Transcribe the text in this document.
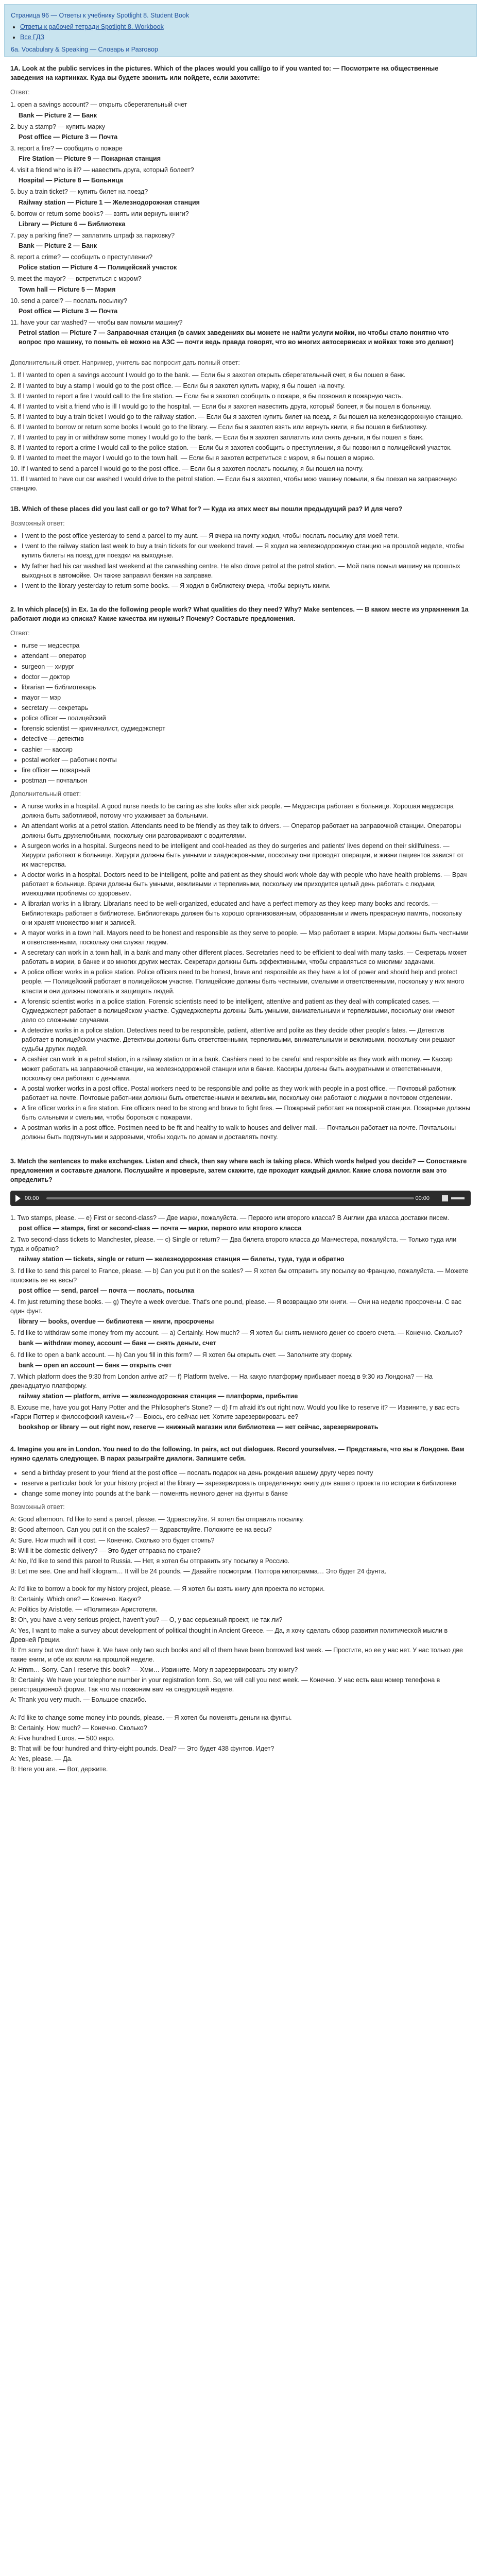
Страница 96 — Ответы к учебнику Spotlight 8. Student Book
• Ответы к рабочей тетради Spotlight 8. Workbook
• Все ГДЗ
6a. Vocabulary & Speaking — Словарь и Разговор
1A. Look at the public services in the pictures. Which of the places would you call/go to if you wanted to: — Посмотрите на общественные заведения на картинках. Куда вы будете звонить или пойдете, если захотите:
Ответ:
1. open a savings account? — открыть сберегательный счет
Bank — Picture 2 — Банк
2. buy a stamp? — купить марку
Post office — Picture 3 — Почта
3. report a fire? — сообщить о пожаре
Fire Station — Picture 9 — Пожарная станция
4. visit a friend who is ill? — навестить друга, который болеет?
Hospital — Picture 8 — Больница
5. buy a train ticket? — купить билет на поезд?
Railway station — Picture 1 — Железнодорожная станция
6. borrow or return some books? — взять или вернуть книги?
Library — Picture 6 — Библиотека
7. pay a parking fine? — заплатить штраф за парковку?
Bank — Picture 2 — Банк
8. report a crime? — сообщить о преступлении?
Police station — Picture 4 — Полицейский участок
9. meet the mayor? — встретиться с мэром?
Town hall — Picture 5 — Мэрия
10. send a parcel? — послать посылку?
Post office — Picture 3 — Почта
11. have your car washed? — чтобы вам помыли машину?
Petrol station — Picture 7 — Заправочная станция (в самих заведениях вы можете не найти услуги мойки, но чтобы стало понятно что вопрос про машину, то помыть её можно на АЗС — почти ведь правда говорят, что во многих автосервисах и мойках тоже это делают)
Дополнительный ответ. Например, учитель вас попросит дать полный ответ:
1. If I wanted to open a savings account I would go to the bank. — Если бы я захотел открыть сберегательный счет, я бы пошел в банк.
2. If I wanted to buy a stamp I would go to the post office. — Если бы я захотел купить марку, я бы пошел на почту.
3. If I wanted to report a fire I would call to the fire station. — Если бы я захотел сообщить о пожаре, я бы позвонил в пожарную часть.
4. If I wanted to visit a friend who is ill I would go to the hospital. — Если бы я захотел навестить друга, который болеет, я бы пошел в больницу.
5. If I wanted to buy a train ticket I would go to the railway station. — Если бы я захотел купить билет на поезд, я бы пошел на железнодорожную станцию.
6. If I wanted to borrow or return some books I would go to the library. — Если бы я захотел взять или вернуть книги, я бы пошел в библиотеку.
7. If I wanted to pay in or withdraw some money I would go to the bank. — Если бы я захотел заплатить или снять деньги, я бы пошел в банк.
8. If I wanted to report a crime I would call to the police station. — Если бы я захотел сообщить о преступлении, я бы позвонил в полицейский участок.
9. If I wanted to meet the mayor I would go to the town hall. — Если бы я захотел встретиться с мэром, я бы пошел в мэрию.
10. If I wanted to send a parcel I would go to the post office. — Если бы я захотел послать посылку, я бы пошел на почту.
11. If I wanted to have our car washed I would drive to the petrol station. — Если бы я захотел, чтобы мою машину помыли, я бы поехал на заправочную станцию.
1B. Which of these places did you last call or go to? What for? — Куда из этих мест вы пошли предыдущий раз? И для чего?
Возможный ответ:
• I went to the post office yesterday to send a parcel to my aunt. — Я вчера на почту ходил, чтобы послать посылку для моей тети.
• I went to the railway station last week to buy a train tickets for our weekend travel. — Я ходил на железнодорожную станцию на прошлой неделе, чтобы купить билеты на поезд для поездки на выходные.
• My father had his car washed last weekend at the carwashing centre. He also drove petrol at the petrol station. — Мой папа помыл машину на прошлых выходных в автомойке. Он также заправил бензин на заправке.
• I went to the library yesterday to return some books. — Я ходил в библиотеку вчера, чтобы вернуть книги.
2. In which place(s) in Ex. 1a do the following people work? What qualities do they need? Why? Make sentences. — В каком месте из упражнения 1a работают люди из списка? Какие качества им нужны? Почему? Составьте предложения.
Ответ:
• nurse — медсестра
• attendant — оператор
• surgeon — хирург
• doctor — доктор
• librarian — библиотекарь
• mayor — мэр
• secretary — секретарь
• police officer — полицейский
• forensic scientist — криминалист, судмедэксперт
• detective — детектив
• cashier — кассир
• postal worker — работник почты
• fire officer — пожарный
• postman — почтальон
Дополнительный ответ:
• A nurse works in a hospital. A good nurse needs to be caring as she looks after sick people. — Медсестра работает в больнице. Хорошая медсестра должна быть заботливой, потому что ухаживает за больными.
• An attendant works at a petrol station. Attendants need to be friendly as they talk to drivers. — Оператор работает на заправочной станции. Операторы должны быть дружелюбными, поскольку они разговаривают с водителями.
• A surgeon works in a hospital. Surgeons need to be intelligent and cool-headed as they do surgeries and patients' lives depend on their skillfulness. — Хирурги работают в больнице. Хирурги должны быть умными и хладнокровными, поскольку они проводят операции, и жизни пациентов зависят от их мастерства.
• A doctor works in a hospital. Doctors need to be intelligent, polite and patient as they should work whole day with people who have health problems. — Врач работает в больнице. Врачи должны быть умными, вежливыми и терпеливыми, поскольку им приходится целый день работать с людьми, имеющими проблемы со здоровьем.
• A librarian works in a library. Librarians need to be well-organized, educated and have a perfect memory as they keep many books and records. — Библиотекарь работает в библиотеке. Библиотекарь должен быть хорошо организованным, образованным и иметь прекрасную память, поскольку они хранят множество книг и записей.
• A mayor works in a town hall. Mayors need to be honest and responsible as they serve to people. — Мэр работает в мэрии. Мэры должны быть честными и ответственными, поскольку они служат людям.
• A secretary can work in a town hall, in a bank and many other different places. Secretaries need to be efficient to deal with many tasks. — Секретарь может работать в мэрии, в банке и во многих других местах. Секретари должны быть эффективными, чтобы справляться со многими задачами.
• A police officer works in a police station. Police officers need to be honest, brave and responsible as they have a lot of power and should help and protect people. — Полицейский работает в полицейском участке. Полицейские должны быть честными, смелыми и ответственными, поскольку у них много власти и они должны помогать и защищать людей.
• A forensic scientist works in a police station. Forensic scientists need to be intelligent, attentive and patient as they deal with complicated cases. — Судмедэксперт работает в полицейском участке. Судмедэксперты должны быть умными, внимательными и терпеливыми, поскольку они имеют дело со сложными случаями.
• A detective works in a police station. Detectives need to be responsible, patient, attentive and polite as they decide other people's fates. — Детектив работает в полицейском участке. Детективы должны быть ответственными, терпеливыми, внимательными и вежливыми, поскольку они решают судьбы других людей.
• A cashier can work in a petrol station, in a railway station or in a bank. Cashiers need to be careful and responsible as they work with money. — Кассир может работать на заправочной станции, на железнодорожной станции или в банке. Кассиры должны быть аккуратными и ответственными, поскольку они работают с деньгами.
• A postal worker works in a post office. Postal workers need to be responsible and polite as they work with people in a post office. — Почтовый работник работает на почте. Почтовые работники должны быть ответственными и вежливыми, поскольку они работают с людьми в почтовом отделении.
• A fire officer works in a fire station. Fire officers need to be strong and brave to fight fires. — Пожарный работает на пожарной станции. Пожарные должны быть сильными и смелыми, чтобы бороться с пожарами.
• A postman works in a post office. Postmen need to be fit and healthy to walk to houses and deliver mail. — Почтальон работает на почте. Почтальоны должны быть подтянутыми и здоровыми, чтобы ходить по домам и доставлять почту.
3. Match the sentences to make exchanges. Listen and check, then say where each is taking place. Which words helped you decide? — Сопоставьте предложения и составьте диалоги. Послушайте и проверьте, затем скажите, где проходит каждый диалог. Какие слова помогли вам это определить?
00:00	00:00
1. Two stamps, please. — e) First or second-class? — Две марки, пожалуйста. — Первого или второго класса? В Англии два класса доставки писем.
post office — stamps, first or second-class — почта — марки, первого или второго класса
2. Two second-class tickets to Manchester, please. — c) Single or return? — Два билета второго класса до Манчестера, пожалуйста. — Только туда или туда и обратно?
railway station — tickets, single or return — железнодорожная станция — билеты, туда, туда и обратно
3. I'd like to send this parcel to France, please. — b) Can you put it on the scales? — Я хотел бы отправить эту посылку во Францию, пожалуйста. — Можете положить ее на весы?
post office — send, parcel — почта — послать, посылка
4. I'm just returning these books. — g) They're a week overdue. That's one pound, please. — Я возвращаю эти книги. — Они на неделю просрочены. С вас один фунт.
library — books, overdue — библиотека — книги, просрочены
5. I'd like to withdraw some money from my account. — a) Certainly. How much? — Я хотел бы снять немного денег со своего счета. — Конечно. Сколько?
bank — withdraw money, account — банк — снять деньги, счет
6. I'd like to open a bank account. — h) Can you fill in this form? — Я хотел бы открыть счет. — Заполните эту форму.
bank — open an account — банк — открыть счет
7. Which platform does the 9:30 from London arrive at? — f) Platform twelve. — На какую платформу прибывает поезд в 9:30 из Лондона? — На двенадцатую платформу.
railway station — platform, arrive — железнодорожная станция — платформа, прибытие
8. Excuse me, have you got Harry Potter and the Philosopher's Stone? — d) I'm afraid it's out right now. Would you like to reserve it? — Извините, у вас есть «Гарри Поттер и философский камень»? — Боюсь, его сейчас нет. Хотите зарезервировать ее?
bookshop or library — out right now, reserve — книжный магазин или библиотека — нет сейчас, зарезервировать
4. Imagine you are in London. You need to do the following. In pairs, act out dialogues. Record yourselves. — Представьте, что вы в Лондоне. Вам нужно сделать следующее. В парах разыграйте диалоги. Запишите себя.
• send a birthday present to your friend at the post office — послать подарок на день рождения вашему другу через почту
• reserve a particular book for your history project at the library — зарезервировать определенную книгу для вашего проекта по истории в библиотеке
• change some money into pounds at the bank — поменять немного денег на фунты в банке
Возможный ответ:
A: Good afternoon. I'd like to send a parcel, please. — Здравствуйте. Я хотел бы отправить посылку.
B: Good afternoon. Can you put it on the scales? — Здравствуйте. Положите ее на весы?
A: Sure. How much will it cost. — Конечно. Сколько это будет стоить?
B: Will it be domestic delivery? — Это будет отправка по стране?
A: No, I'd like to send this parcel to Russia. — Нет, я хотел бы отправить эту посылку в Россию.
B: Let me see. One and half kilogram… It will be 24 pounds. — Давайте посмотрим. Полтора килограмма… Это будет 24 фунта.
A: I'd like to borrow a book for my history project, please. — Я хотел бы взять книгу для проекта по истории.
B: Certainly. Which one? — Конечно. Какую?
A: Politics by Aristotle. — «Политика» Аристотеля.
B: Oh, you have a very serious project, haven't you? — О, у вас серьезный проект, не так ли?
A: Yes, I want to make a survey about development of political thought in Ancient Greece. — Да, я хочу сделать обзор развития политической мысли в Древней Греции.
B: I'm sorry but we don't have it. We have only two such books and all of them have been borrowed last week. — Простите, но ее у нас нет. У нас только две такие книги, и обе их взяли на прошлой неделе.
A: Hmm… Sorry. Can I reserve this book? — Хмм… Извините. Могу я зарезервировать эту книгу?
B: Certainly. We have your telephone number in your registration form. So, we will call you next week. — Конечно. У нас есть ваш номер телефона в регистрационной форме. Так что мы позвоним вам на следующей неделе.
A: Thank you very much. — Большое спасибо.
A: I'd like to change some money into pounds, please. — Я хотел бы поменять деньги на фунты.
B: Certainly. How much? — Конечно. Сколько?
A: Five hundred Euros. — 500 евро.
B: That will be four hundred and thirty-eight pounds. Deal? — Это будет 438 фунтов. Идет?
A: Yes, please. — Да.
B: Here you are. — Вот, держите.
